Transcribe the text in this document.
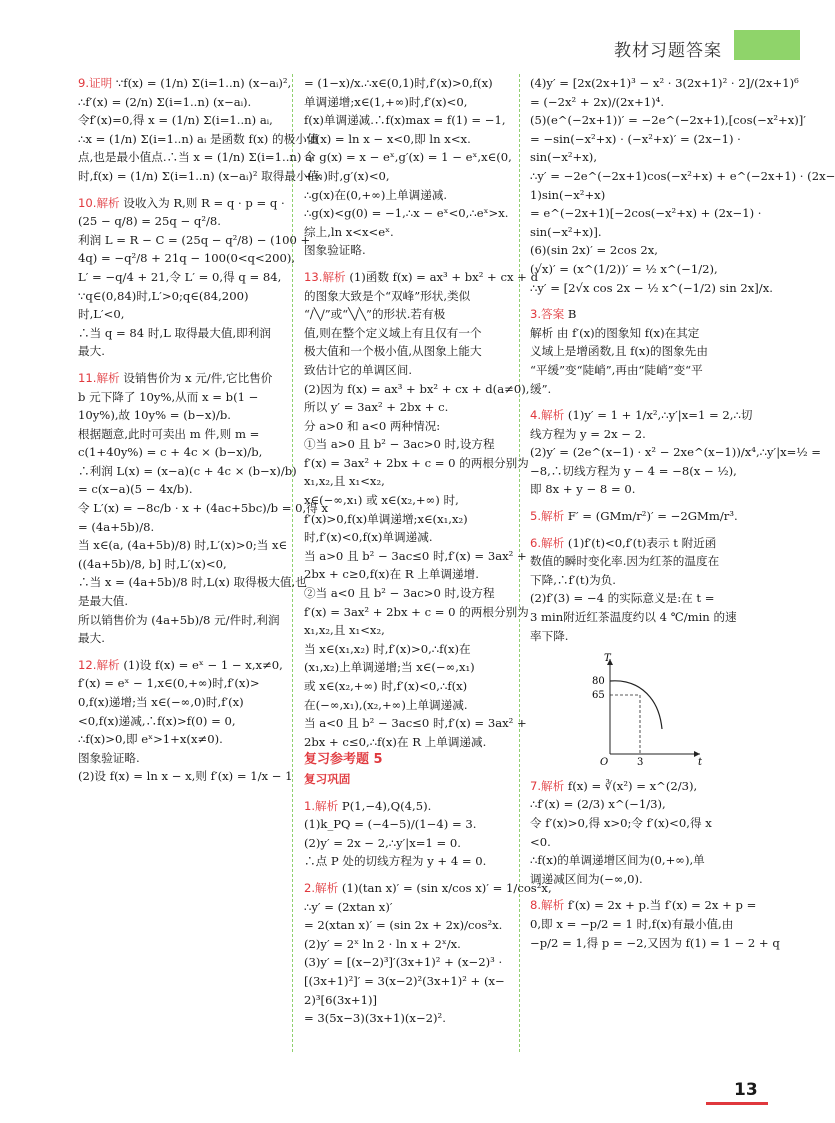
教材习题答案
9.证明 ∵f(x) = (1/n) Σ(i=1..n) (x−aᵢ)²,
∴f′(x) = (2/n) Σ(i=1..n) (x−aᵢ).
令f′(x)=0,得 x = (1/n) Σ(i=1..n) aᵢ,
∴x = (1/n) Σ(i=1..n) aᵢ 是函数 f(x) 的极小值
点,也是最小值点.∴当 x = (1/n) Σ(i=1..n) aᵢ
时,f(x) = (1/n) Σ(i=1..n) (x−aᵢ)² 取得最小值.
10.解析 设收入为 R,则 R = q · p = q ·
(25 − q/8) = 25q − q²/8.
利润 L = R − C = (25q − q²/8) − (100 +
4q) = −q²/8 + 21q − 100(0<q<200),
L′ = −q/4 + 21,令 L′ = 0,得 q = 84,
∵q∈(0,84)时,L′>0;q∈(84,200)
时,L′<0,
∴当 q = 84 时,L 取得最大值,即利润
最大.
11.解析 设销售价为 x 元/件,它比售价
b 元下降了 10y%,从而 x = b(1 −
10y%),故 10y% = (b−x)/b.
根据题意,此时可卖出 m 件,则 m =
c(1+40y%) = c + 4c × (b−x)/b,
∴利润 L(x) = (x−a)(c + 4c × (b−x)/b)
= c(x−a)(5 − 4x/b).
令 L′(x) = −8c/b · x + (4ac+5bc)/b = 0,得 x
= (4a+5b)/8.
当 x∈(a, (4a+5b)/8) 时,L′(x)>0;当 x∈
((4a+5b)/8, b] 时,L′(x)<0,
∴当 x = (4a+5b)/8 时,L(x) 取得极大值,也
是最大值.
所以销售价为 (4a+5b)/8 元/件时,利润
最大.
12.解析 (1)设 f(x) = eˣ − 1 − x,x≠0,
f′(x) = eˣ − 1,x∈(0,+∞)时,f′(x)>
0,f(x)递增;当 x∈(−∞,0)时,f′(x)
<0,f(x)递减,∴f(x)>f(0) = 0,
∴f(x)>0,即 eˣ>1+x(x≠0).
图象验证略.
(2)设 f(x) = ln x − x,则 f′(x) = 1/x − 1
= (1−x)/x.∴x∈(0,1)时,f′(x)>0,f(x)
单调递增;x∈(1,+∞)时,f′(x)<0,
f(x)单调递减.∴f(x)max = f(1) = −1,
∴f(x) = ln x − x<0,即 ln x<x.
令 g(x) = x − eˣ,g′(x) = 1 − eˣ,x∈(0,
+∞)时,g′(x)<0,
∴g(x)在(0,+∞)上单调递减.
∴g(x)<g(0) = −1,∴x − eˣ<0,∴eˣ>x.
综上,ln x<x<eˣ.
图象验证略.
13.解析 (1)函数 f(x) = ax³ + bx² + cx + d
的图象大致是个“双峰”形状,类似
“∕╲∕”或“╲∕╲”的形状.若有极
值,则在整个定义域上有且仅有一个
极大值和一个极小值,从图象上能大
致估计它的单调区间.
(2)因为 f(x) = ax³ + bx² + cx + d(a≠0),
所以 y′ = 3ax² + 2bx + c.
分 a>0 和 a<0 两种情况:
①当 a>0 且 b² − 3ac>0 时,设方程
f′(x) = 3ax² + 2bx + c = 0 的两根分别为
x₁,x₂,且 x₁<x₂,
x∈(−∞,x₁) 或 x∈(x₂,+∞) 时,
f′(x)>0,f(x)单调递增;x∈(x₁,x₂)
时,f′(x)<0,f(x)单调递减.
当 a>0 且 b² − 3ac≤0 时,f′(x) = 3ax² +
2bx + c≥0,f(x)在 R 上单调递增.
②当 a<0 且 b² − 3ac>0 时,设方程
f′(x) = 3ax² + 2bx + c = 0 的两根分别为
x₁,x₂,且 x₁<x₂,
当 x∈(x₁,x₂) 时,f′(x)>0,∴f(x)在
(x₁,x₂)上单调递增;当 x∈(−∞,x₁)
或 x∈(x₂,+∞) 时,f′(x)<0,∴f(x)
在(−∞,x₁),(x₂,+∞)上单调递减.
当 a<0 且 b² − 3ac≤0 时,f′(x) = 3ax² +
2bx + c≤0,∴f(x)在 R 上单调递减.
复习参考题 5
复习巩固
1.解析 P(1,−4),Q(4,5).
(1)k_PQ = (−4−5)/(1−4) = 3.
(2)y′ = 2x − 2,∴y′|x=1 = 0.
∴点 P 处的切线方程为 y + 4 = 0.
2.解析 (1)(tan x)′ = (sin x/cos x)′ = 1/cos²x,
∴y′ = (2xtan x)′
= 2(xtan x)′ = (sin 2x + 2x)/cos²x.
(2)y′ = 2ˣ ln 2 · ln x + 2ˣ/x.
(3)y′ = [(x−2)³]′(3x+1)² + (x−2)³ ·
[(3x+1)²]′ = 3(x−2)²(3x+1)² + (x−
2)³[6(3x+1)]
= 3(5x−3)(3x+1)(x−2)².
(4)y′ = [2x(2x+1)³ − x² · 3(2x+1)² · 2]/(2x+1)⁶
= (−2x² + 2x)/(2x+1)⁴.
(5)(e^(−2x+1))′ = −2e^(−2x+1),[cos(−x²+x)]′
= −sin(−x²+x) · (−x²+x)′ = (2x−1) ·
sin(−x²+x),
∴y′ = −2e^(−2x+1)cos(−x²+x) + e^(−2x+1) · (2x−
1)sin(−x²+x)
= e^(−2x+1)[−2cos(−x²+x) + (2x−1) ·
sin(−x²+x)].
(6)(sin 2x)′ = 2cos 2x,
(√x)′ = (x^(1/2))′ = ½ x^(−1/2),
∴y′ = [2√x cos 2x − ½ x^(−1/2) sin 2x]/x.
3.答案 B
解析 由 f′(x)的图象知 f(x)在其定
义域上是增函数,且 f(x)的图象先由
“平缓”变“陡峭”,再由“陡峭”变“平
缓”.
4.解析 (1)y′ = 1 + 1/x²,∴y′|x=1 = 2,∴切
线方程为 y = 2x − 2.
(2)y′ = (2e^(x−1) · x² − 2xe^(x−1))/x⁴,∴y′|x=½ =
−8,∴切线方程为 y − 4 = −8(x − ½),
即 8x + y − 8 = 0.
5.解析 F′ = (GMm/r²)′ = −2GMm/r³.
6.解析 (1)f′(t)<0,f′(t)表示 t 附近函
数值的瞬时变化率.因为红茶的温度在
下降,∴f′(t)为负.
(2)f′(3) = −4 的实际意义是:在 t =
3 min附近红茶温度约以 4 ℃/min 的速
率下降.
T
80
65
O	3	t
7.解析 f(x) = ∛(x²) = x^(2/3),
∴f′(x) = (2/3) x^(−1/3),
令 f′(x)>0,得 x>0;令 f′(x)<0,得 x
<0.
∴f(x)的单调递增区间为(0,+∞),单
调递减区间为(−∞,0).
8.解析 f′(x) = 2x + p.当 f′(x) = 2x + p =
0,即 x = −p/2 = 1 时,f(x)有最小值,由
−p/2 = 1,得 p = −2,又因为 f(1) = 1 − 2 + q
13
